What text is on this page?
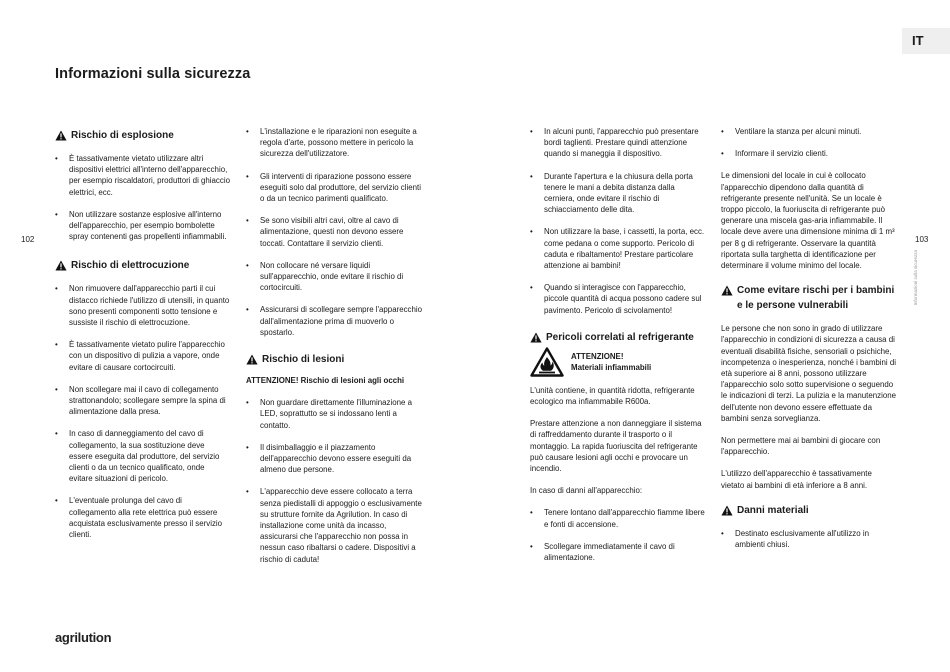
Informazioni sulla sicurezza
IT
102	103
Informazioni sulla sicurezza
agrilution
Rischio di esplosione
• È tassativamente vietato utilizzare altri dispositivi elettrici all'interno dell'apparecchio, per esempio riscaldatori, produttori di ghiaccio elettrici, ecc.
• Non utilizzare sostanze esplosive all'interno dell'apparecchio, per esempio bombolette spray contenenti gas propellenti infiammabili.
Rischio di elettrocuzione
• Non rimuovere dall'apparecchio parti il cui distacco richiede l'utilizzo di utensili, in quanto sono presenti componenti sotto tensione e sussiste il rischio di elettrocuzione.
• È tassativamente vietato pulire l'apparecchio con un dispositivo di pulizia a vapore, onde evitare di causare cortocircuiti.
• Non scollegare mai il cavo di collegamento strattonandolo; scollegare sempre la spina di alimentazione dalla presa.
• In caso di danneggiamento del cavo di collegamento, la sua sostituzione deve essere eseguita dal produttore, del servizio clienti o da un tecnico qualificato, onde evitare situazioni di pericolo.
• L'eventuale prolunga del cavo di collegamento alla rete elettrica può essere acquistata esclusivamente presso il servizio clienti.
• L'installazione e le riparazioni non eseguite a regola d'arte, possono mettere in pericolo la sicurezza dell'utilizzatore.
• Gli interventi di riparazione possono essere eseguiti solo dal produttore, del servizio clienti o da un tecnico parimenti qualificato.
• Se sono visibili altri cavi, oltre al cavo di alimentazione, questi non devono essere toccati. Contattare il servizio clienti.
• Non collocare né versare liquidi sull'apparecchio, onde evitare il rischio di cortocircuiti.
• Assicurarsi di scollegare sempre l'apparecchio dall'alimentazione prima di muoverlo o spostarlo.
Rischio di lesioni

ATTENZIONE! Rischio di lesioni agli occhi

• Non guardare direttamente l'illuminazione a LED, soprattutto se si indossano lenti a contatto.
• Il disimballaggio e il piazzamento dell'apparecchio devono essere eseguiti da almeno due persone.
• L'apparecchio deve essere collocato a terra senza piedistalli di appoggio o esclusivamente su strutture fornite da Agrilution. In caso di installazione come unità da incasso, assicurarsi che l'apparecchio non possa in nessun caso ribaltarsi o cadere. Dispositivi a rischio di caduta!
• In alcuni punti, l'apparecchio può presentare bordi taglienti. Prestare quindi attenzione quando si maneggia il dispositivo.
• Durante l'apertura e la chiusura della porta tenere le mani a debita distanza dalla cerniera, onde evitare il rischio di schiacciamento delle dita.
• Non utilizzare la base, i cassetti, la porta, ecc. come pedana o come supporto. Pericolo di caduta e ribaltamento! Prestare particolare attenzione ai bambini!
• Quando si interagisce con l'apparecchio, piccole quantità di acqua possono cadere sul pavimento. Pericolo di scivolamento!
Pericoli correlati al refrigerante
ATTENZIONE!
Materiali infiammabili

L'unità contiene, in quantità ridotta, refrigerante ecologico ma infiammabile R600a.

Prestare attenzione a non danneggiare il sistema di raffreddamento durante il trasporto o il montaggio. La rapida fuoriuscita del refrigerante può causare lesioni agli occhi e provocare un incendio.

In caso di danni all'apparecchio:

• Tenere lontano dall'apparecchio fiamme libere e fonti di accensione.
• Scollegare immediatamente il cavo di alimentazione.
• Ventilare la stanza per alcuni minuti.
• Informare il servizio clienti.

Le dimensioni del locale in cui è collocato l'apparecchio dipendono dalla quantità di refrigerante presente nell'unità. Se un locale è troppo piccolo, la fuoriuscita di refrigerante può generare una miscela gas-aria infiammabile. Il locale deve avere una dimensione minima di 1 m³ per 8 g di refrigerante. Osservare la quantità riportata sulla targhetta di identificazione per determinare il volume minimo del locale.

Come evitare rischi per i bambini e le persone vulnerabili

Le persone che non sono in grado di utilizzare l'apparecchio in condizioni di sicurezza a causa di eventuali disabilità fisiche, sensoriali o psichiche, incompetenza o inesperienza, nonché i bambini di età superiore ai 8 anni, possono utilizzare l'apparecchio solo sotto supervisione o seguendo le indicazioni di terzi. La pulizia e la manutenzione dell'utente non devono essere effettuate da bambini senza sorveglianza.

Non permettere mai ai bambini di giocare con l'apparecchio.

L'utilizzo dell'apparecchio è tassativamente vietato ai bambini di età inferiore a 8 anni.

Danni materiali
• Destinato esclusivamente all'utilizzo in ambienti chiusi.
